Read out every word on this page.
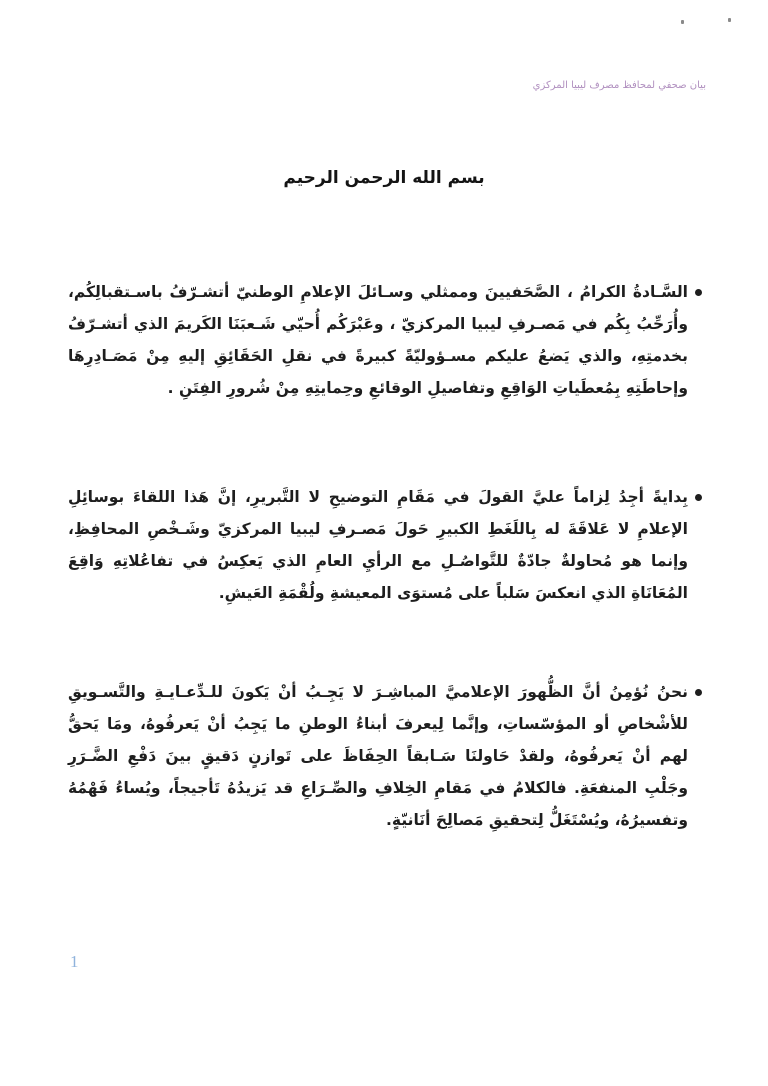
بيان صحفي لمحافظ مصرف ليبيا المركزي
بسم الله الرحمن الرحيم
السَّـادةُ الكرامُ ، الصَّحَفيينَ وممثلي وسـائلَ الإعلامِ الوطنيّ أتشـرّفُ باسـتقبالِكُم، وأُرَحِّبُ بِكُم في مَصـرفِ ليبيا المركزيّ ، وعَبْرَكُم أُحيّي شَـعبَنَا الكَريمَ الذي أتشـرّفُ بخدمتِهِ، والذي يَضعُ عليكم مسـؤوليّةً كبيرةً في نقلِ الحَقَائِقِ إليهِ مِنْ مَصَـادِرِهَا وإحاطَتِهِ بِمُعطَياتِ الوَاقِعِ وتفاصيلِ الوقائعِ وحِمايتِهِ مِنْ شُرورِ الفِتَنِ .
بِدايةً أجِدُ لِزاماً عليَّ القولَ في مَقَامِ التوضيحِ لا التَّبريرِ، إنَّ هَذا اللقاءَ بوسائِلِ الإعلامِ لا عَلاقَةَ له بِاللَغَطِ الكبيرِ حَولَ مَصـرفِ ليبيا المركزيّ وشَـخْصِ المحافِظِ، وإنما هو مُحاولةٌ جادّةٌ للتَّواصُـلِ مع الرأيِ العامِ الذي يَعكِسُ في تفاعُلاتِهِ وَاقِعَ المُعَانَاةِ الذي انعكسَ سَلباً على مُستوَى المعيشةِ ولُقْمَةِ العَيشِ.
نحنُ نُؤمِنُ أنَّ الظُّهورَ الإعلاميَّ المباشِـرَ لا يَجِـبُ أنْ يَكونَ للـدِّعـايـةِ والتَّسـويقِ للأشْخاصِ أو المؤسّساتِ، وإنَّما لِيعرفَ أبناءُ الوطنِ ما يَجِبُ أنْ يَعرفُوهُ، ومَا يَحقُّ لهم أنْ يَعرفُوهُ، ولقدْ حَاولنَا سَـابقاً الحِفَاظَ على تَوازنٍ دَقيقٍ بينَ دَفْعِ الضَّـرَرِ وجَلْبِ المنفعَةِ. فالكلامُ في مَقامِ الخِلافِ والصِّـرَاعِ قد يَزيدُهُ تَأجيجاً، ويُساءُ فَهْمُهُ وتفسيرُهُ، ويُسْتَغَلُّ لِتحقيقِ مَصالِحَ أنَانيّةٍ.
1
